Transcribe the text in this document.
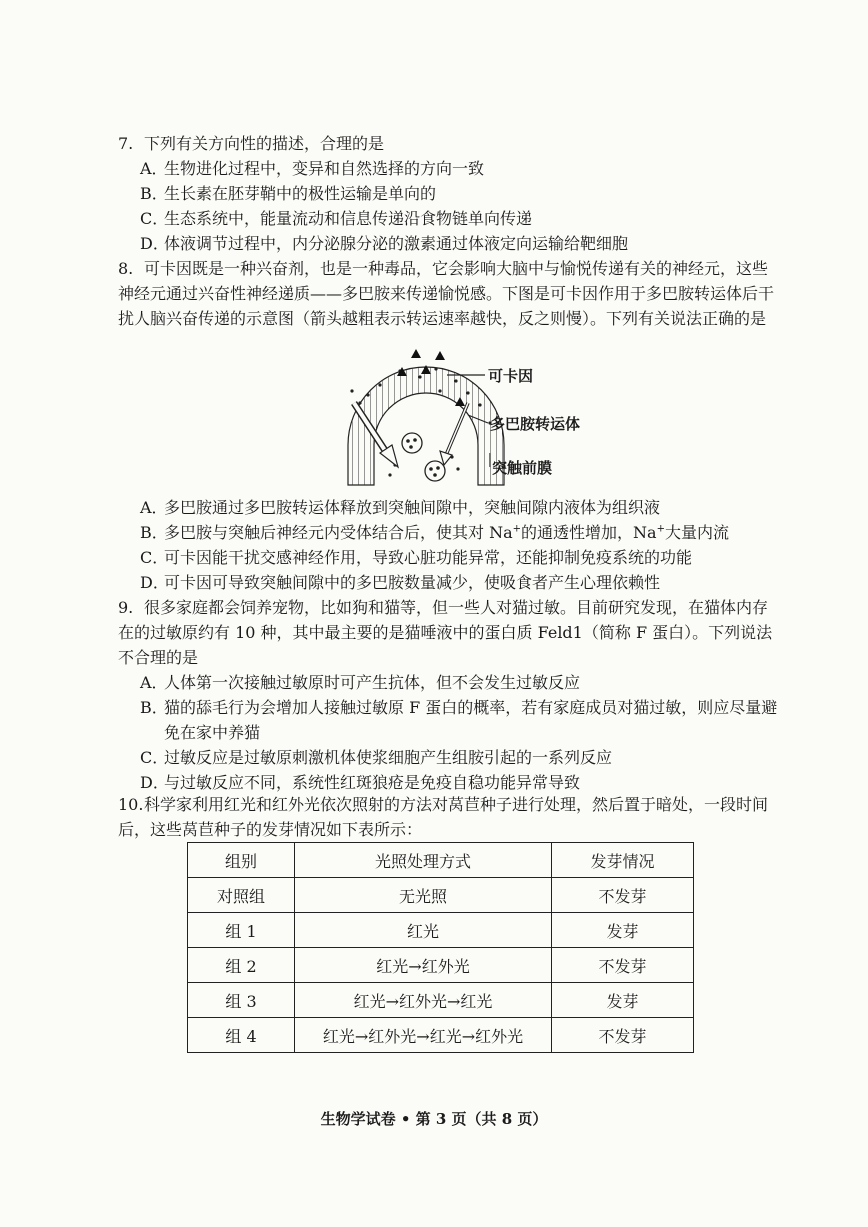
7. 下列有关方向性的描述，合理的是

A．
生物进化过程中，变异和自然选择的方向一致

B．
生长素在胚芽鞘中的极性运输是单向的

C．
生态系统中，能量流动和信息传递沿食物链单向传递

D．
体液调节过程中，内分泌腺分泌的激素通过体液定向运输给靶细胞

8. 可卡因既是一种兴奋剂，也是一种毒品，它会影响大脑中与愉悦传递有关的神经元，这些神经元通过兴奋性神经递质——多巴胺来传递愉悦感。下图是可卡因作用于多巴胺转运体后干扰人脑兴奋传递的示意图（箭头越粗表示转运速率越快，反之则慢）。下列有关说法正确的是

可卡因
多巴胺转运体
突触前膜

A．
多巴胺通过多巴胺转运体释放到突触间隙中，突触间隙内液体为组织液

B．
多巴胺与突触后神经元内受体结合后，使其对 Na+的通透性增加，Na+大量内流

C．
可卡因能干扰交感神经作用，导致心脏功能异常，还能抑制免疫系统的功能

D．
可卡因可导致突触间隙中的多巴胺数量减少，使吸食者产生心理依赖性

9. 很多家庭都会饲养宠物，比如狗和猫等，但一些人对猫过敏。目前研究发现，在猫体内存在的过敏原约有 10 种，其中最主要的是猫唾液中的蛋白质 Feld1（简称 F 蛋白）。下列说法不合理的是

A．
人体第一次接触过敏原时可产生抗体，但不会发生过敏反应

B．
猫的舔毛行为会增加人接触过敏原 F 蛋白的概率，若有家庭成员对猫过敏，则应尽量避免在家中养猫

C．
过敏反应是过敏原刺激机体使浆细胞产生组胺引起的一系列反应

D．
与过敏反应不同，系统性红斑狼疮是免疫自稳功能异常导致

10.科学家利用红光和红外光依次照射的方法对莴苣种子进行处理，然后置于暗处，一段时间后，这些莴苣种子的发芽情况如下表所示：

组别	光照处理方式	发芽情况
对照组	无光照	不发芽
组 1	红光	发芽
组 2	红光→红外光	不发芽
组 3	红光→红外光→红光	发芽
组 4	红光→红外光→红光→红外光	不发芽
生物学试卷 • 第 3 页（共 8 页）
